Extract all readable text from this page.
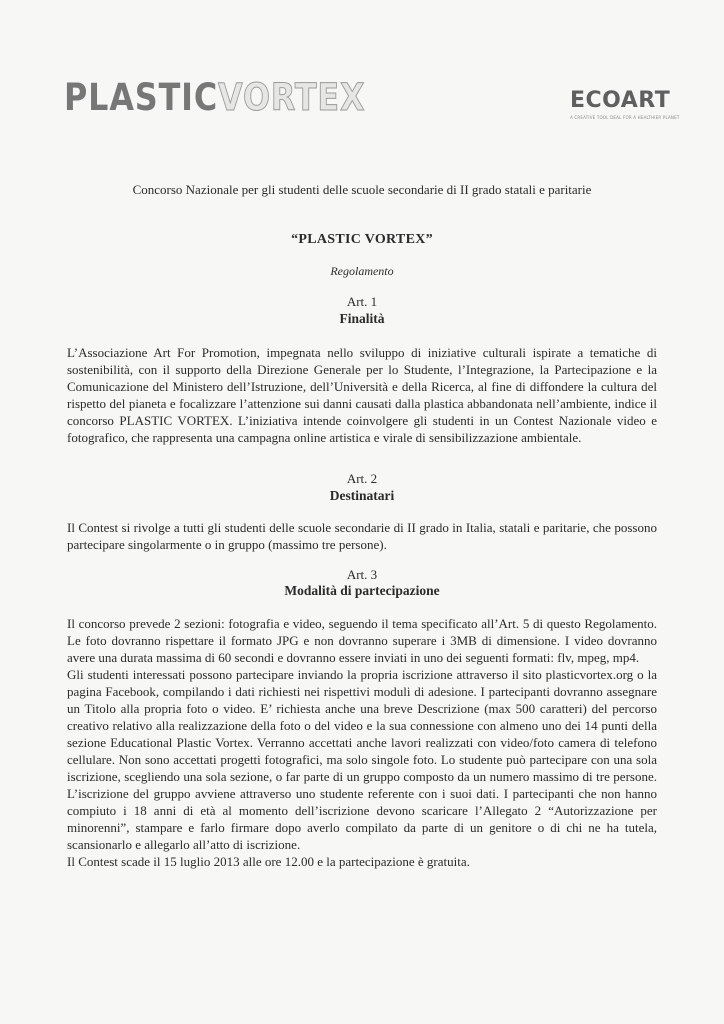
PLASTICVORTEX	ECOART
A CREATIVE TOOL DEAL FOR A HEALTHIER PLANET
Concorso Nazionale per gli studenti delle scuole secondarie di II grado statali e paritarie
“PLASTIC VORTEX”
Regolamento
Art. 1
Finalità

L’Associazione Art For Promotion, impegnata nello sviluppo di iniziative culturali ispirate a tematiche di sostenibilità, con il supporto della Direzione Generale per lo Studente, l’Integrazione, la Partecipazione e la Comunicazione del Ministero dell’Istruzione, dell’Università e della Ricerca, al fine di diffondere la cultura del rispetto del pianeta e focalizzare l’attenzione sui danni causati dalla plastica abbandonata nell’ambiente, indice il concorso PLASTIC VORTEX. L’iniziativa intende coinvolgere gli studenti in un Contest Nazionale video e fotografico, che rappresenta una campagna online artistica e virale di sensibilizzazione ambientale.

Art. 2
Destinatari

Il Contest si rivolge a tutti gli studenti delle scuole secondarie di II grado in Italia, statali e paritarie, che possono partecipare singolarmente o in gruppo (massimo tre persone).

Art. 3
Modalità di partecipazione

Il concorso prevede 2 sezioni: fotografia e video, seguendo il tema specificato all’Art. 5 di questo Regolamento. Le foto dovranno rispettare il formato JPG e non dovranno superare i 3MB di dimensione. I video dovranno avere una durata massima di 60 secondi e dovranno essere inviati in uno dei seguenti formati: flv, mpeg, mp4.

Gli studenti interessati possono partecipare inviando la propria iscrizione attraverso il sito plasticvortex.org o la pagina Facebook, compilando i dati richiesti nei rispettivi moduli di adesione. I partecipanti dovranno assegnare un Titolo alla propria foto o video. E’ richiesta anche una breve Descrizione (max 500 caratteri) del percorso creativo relativo alla realizzazione della foto o del video e la sua connessione con almeno uno dei 14 punti della sezione Educational Plastic Vortex. Verranno accettati anche lavori realizzati con video/foto camera di telefono cellulare. Non sono accettati progetti fotografici, ma solo singole foto. Lo studente può partecipare con una sola iscrizione, scegliendo una sola sezione, o far parte di un gruppo composto da un numero massimo di tre persone. L’iscrizione del gruppo avviene attraverso uno studente referente con i suoi dati. I partecipanti che non hanno compiuto i 18 anni di età al momento dell’iscrizione devono scaricare l’Allegato 2 “Autorizzazione per minorenni”, stampare e farlo firmare dopo averlo compilato da parte di un genitore o di chi ne ha tutela, scansionarlo e allegarlo all’atto di iscrizione.

Il Contest scade il 15 luglio 2013 alle ore 12.00 e la partecipazione è gratuita.
